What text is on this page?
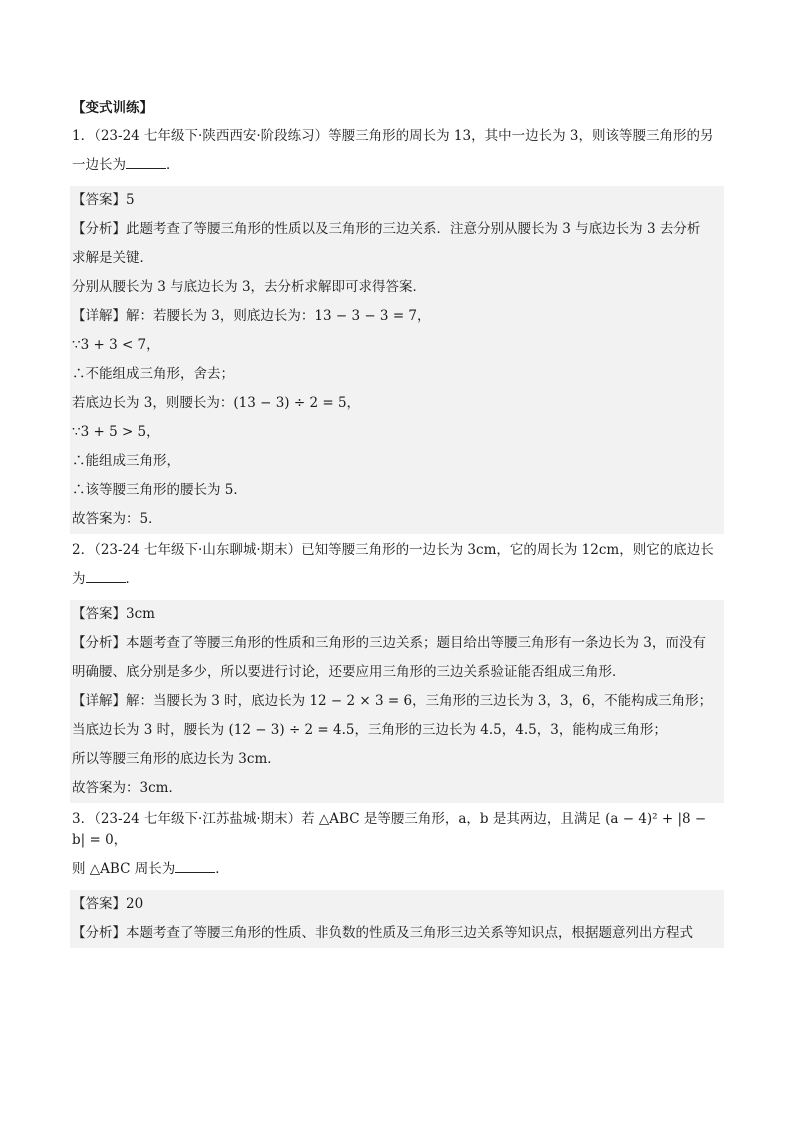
【变式训练】
1．（23-24 七年级下·陕西西安·阶段练习）等腰三角形的周长为 13，其中一边长为 3，则该等腰三角形的另
一边长为	．
【答案】5
【分析】此题考查了等腰三角形的性质以及三角形的三边关系．注意分别从腰长为 3 与底边长为 3 去分析
求解是关键．
分别从腰长为 3 与底边长为 3，去分析求解即可求得答案．
【详解】解：若腰长为 3，则底边长为：13 − 3 − 3 = 7，
∵3 + 3 < 7，
∴不能组成三角形，舍去；
若底边长为 3，则腰长为：(13 − 3) ÷ 2 = 5，
∵3 + 5 > 5，
∴能组成三角形，
∴该等腰三角形的腰长为 5．
故答案为：5．
2．（23-24 七年级下·山东聊城·期末）已知等腰三角形的一边长为 3cm，它的周长为 12cm，则它的底边长
为	．
【答案】3cm
【分析】本题考查了等腰三角形的性质和三角形的三边关系；题目给出等腰三角形有一条边长为 3，而没有
明确腰、底分别是多少，所以要进行讨论，还要应用三角形的三边关系验证能否组成三角形．
【详解】解：当腰长为 3 时，底边长为 12 − 2 × 3 = 6，三角形的三边长为 3，3，6，不能构成三角形；
当底边长为 3 时，腰长为 (12 − 3) ÷ 2 = 4.5，三角形的三边长为 4.5，4.5，3，能构成三角形；
所以等腰三角形的底边长为 3cm．
故答案为：3cm．
3．（23-24 七年级下·江苏盐城·期末）若 △ABC 是等腰三角形，a，b 是其两边，且满足 (a − 4)² + |8 − b| = 0，
则 △ABC 周长为	．
【答案】20
【分析】本题考查了等腰三角形的性质、非负数的性质及三角形三边关系等知识点，根据题意列出方程式
